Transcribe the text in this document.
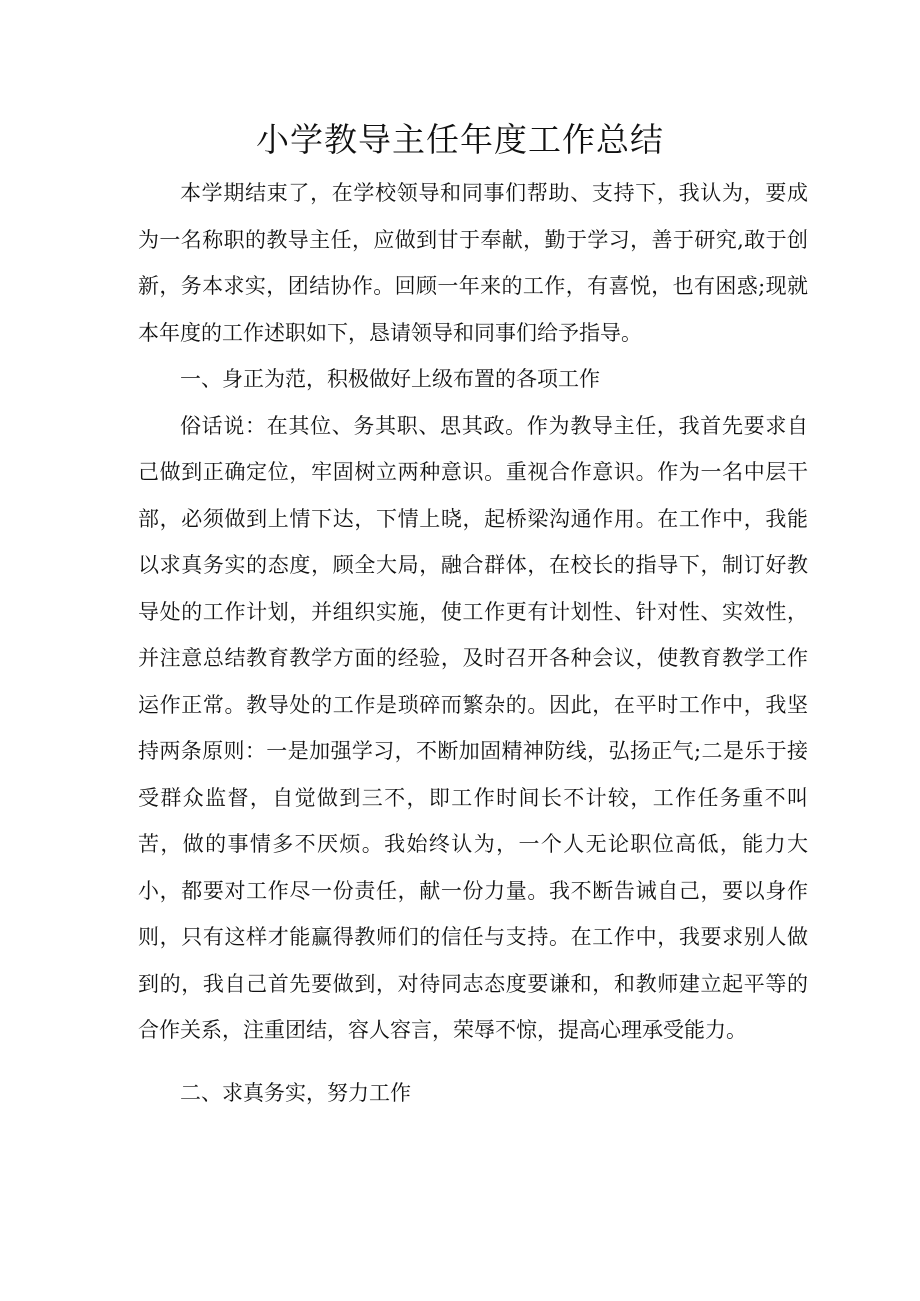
小学教导主任年度工作总结

本学期结束了，在学校领导和同事们帮助、支持下，我认为，要成为一名称职的教导主任，应做到甘于奉献，勤于学习，善于研究,敢于创新，务本求实，团结协作。回顾一年来的工作，有喜悦，也有困惑;现就本年度的工作述职如下，恳请领导和同事们给予指导。

一、身正为范，积极做好上级布置的各项工作

俗话说：在其位、务其职、思其政。作为教导主任，我首先要求自己做到正确定位，牢固树立两种意识。重视合作意识。作为一名中层干部，必须做到上情下达，下情上晓，起桥梁沟通作用。在工作中，我能以求真务实的态度，顾全大局，融合群体，在校长的指导下，制订好教导处的工作计划，并组织实施，使工作更有计划性、针对性、实效性，并注意总结教育教学方面的经验，及时召开各种会议，使教育教学工作运作正常。教导处的工作是琐碎而繁杂的。因此，在平时工作中，我坚持两条原则：一是加强学习，不断加固精神防线，弘扬正气;二是乐于接受群众监督，自觉做到三不，即工作时间长不计较，工作任务重不叫苦，做的事情多不厌烦。我始终认为，一个人无论职位高低，能力大小，都要对工作尽一份责任，献一份力量。我不断告诫自己，要以身作则，只有这样才能赢得教师们的信任与支持。在工作中，我要求别人做到的，我自己首先要做到，对待同志态度要谦和，和教师建立起平等的合作关系，注重团结，容人容言，荣辱不惊，提高心理承受能力。

二、求真务实，努力工作
